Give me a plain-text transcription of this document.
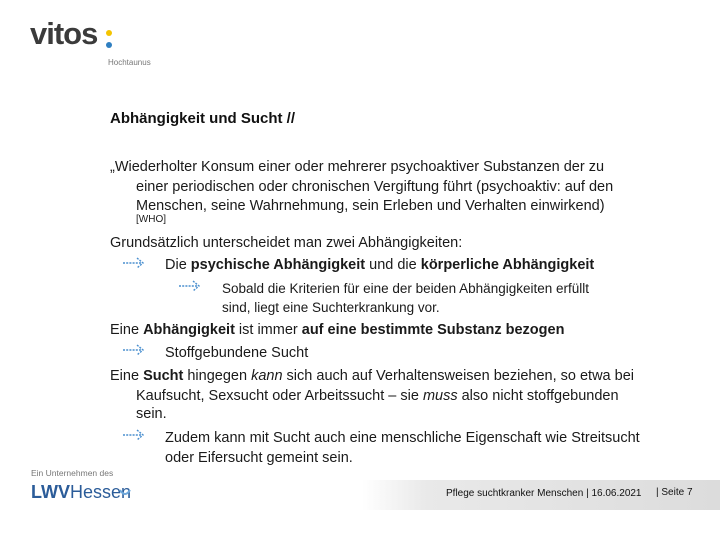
vitos
Hochtaunus
Abhängigkeit und Sucht //
„Wiederholter Konsum einer oder mehrerer psychoaktiver Substanzen der zu
einer periodischen oder chronischen Vergiftung führt (psychoaktiv: auf den
Menschen, seine Wahrnehmung, sein Erleben und Verhalten einwirkend)
[WHO]
Grundsätzlich unterscheidet man zwei Abhängigkeiten:
Die psychische Abhängigkeit und die körperliche Abhängigkeit
Sobald die Kriterien für eine der beiden Abhängigkeiten erfüllt
sind, liegt eine Suchterkrankung vor.
Eine Abhängigkeit ist immer auf eine bestimmte Substanz bezogen
Stoffgebundene Sucht
Eine Sucht hingegen kann sich auch auf Verhaltensweisen beziehen, so etwa bei
Kaufsucht, Sexsucht oder Arbeitssucht – sie muss also nicht stoffgebunden
sein.
Zudem kann mit Sucht auch eine menschliche Eigenschaft wie Streitsucht
oder Eifersucht gemeint sein.
Ein Unternehmen des
LWVHessen	Pflege suchtkranker Menschen | 16.06.2021 | Seite 7
